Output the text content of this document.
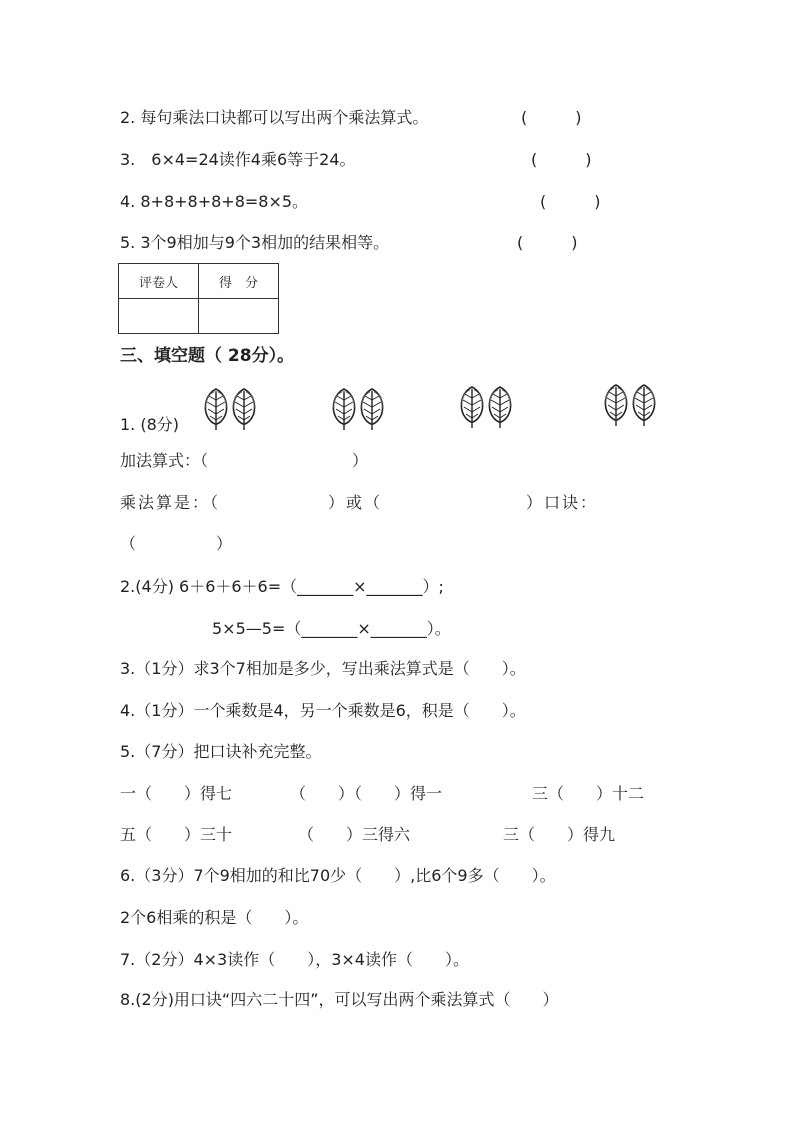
2. 每句乘法口诀都可以写出两个乘法算式。	(　　　)
3.　6×4=24读作4乘6等于24。	(　　　)
4. 8+8+8+8+8=8×5。	(　　　)
5. 3个9相加与9个3相加的结果相等。	(　　　)
评卷人	得　分

三、填空题（ 28分）。
1. (8分)
加法算式：（　　　　　　　　　）
乘法算是：（　　　　　　）或（　　　　　　　　）口诀：
（　　　　　）
2.(4分) 6＋6＋6＋6=（_______×_______）;
5×5—5=（_______×_______）。
3.（1分）求3个7相加是多少，写出乘法算式是（　　）。
4.（1分）一个乘数是4，另一个乘数是6，积是（　　）。
5.（7分）把口诀补充完整。
一（　　）得七	（　　）（　　）得一	三（　　）十二
五（　　）三十	（　　）三得六	三（　　）得九
6.（3分）7个9相加的和比70少（　　）,比6个9多（　　）。
2个6相乘的积是（　　）。
7.（2分）4×3读作（　　），3×4读作（　　）。
8.(2分)用口诀“四六二十四”，可以写出两个乘法算式（　　）
